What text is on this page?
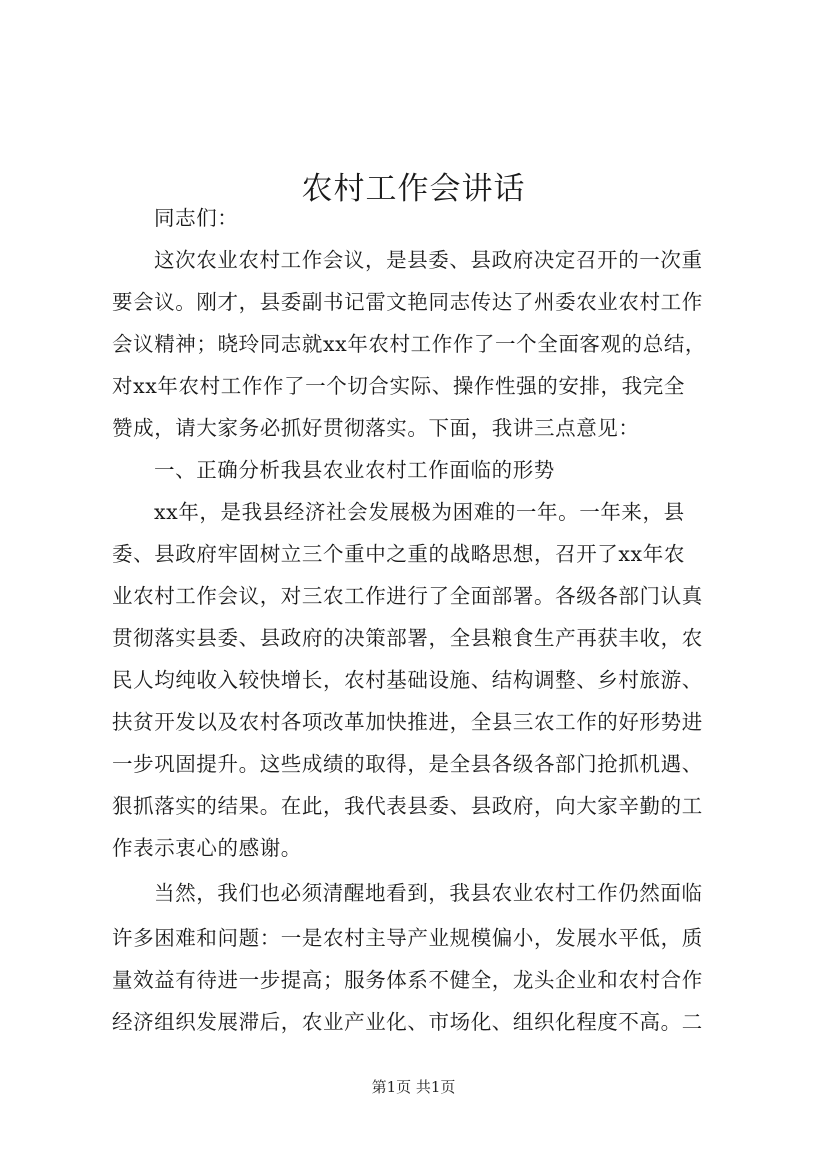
农村工作会讲话
同志们：
这次农业农村工作会议，是县委、县政府决定召开的一次重
要会议。刚才，县委副书记雷文艳同志传达了州委农业农村工作
会议精神；晓玲同志就xx年农村工作作了一个全面客观的总结，
对xx年农村工作作了一个切合实际、操作性强的安排，我完全
赞成，请大家务必抓好贯彻落实。下面，我讲三点意见：
一、正确分析我县农业农村工作面临的形势
xx年，是我县经济社会发展极为困难的一年。一年来，县
委、县政府牢固树立三个重中之重的战略思想，召开了xx年农
业农村工作会议，对三农工作进行了全面部署。各级各部门认真
贯彻落实县委、县政府的决策部署，全县粮食生产再获丰收，农
民人均纯收入较快增长，农村基础设施、结构调整、乡村旅游、
扶贫开发以及农村各项改革加快推进，全县三农工作的好形势进
一步巩固提升。这些成绩的取得，是全县各级各部门抢抓机遇、
狠抓落实的结果。在此，我代表县委、县政府，向大家辛勤的工
作表示衷心的感谢。
当然，我们也必须清醒地看到，我县农业农村工作仍然面临
许多困难和问题：一是农村主导产业规模偏小，发展水平低，质
量效益有待进一步提高；服务体系不健全，龙头企业和农村合作
经济组织发展滞后，农业产业化、市场化、组织化程度不高。二
第1页 共1页
